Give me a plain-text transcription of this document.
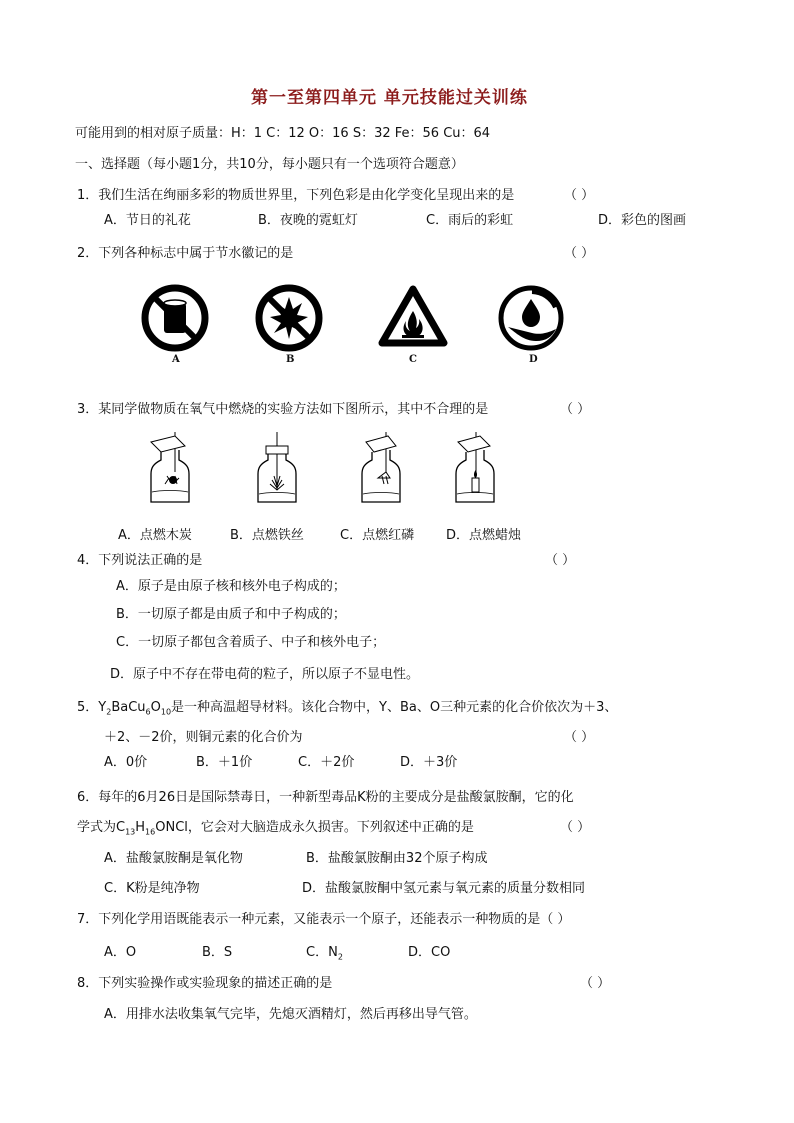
第一至第四单元 单元技能过关训练
可能用到的相对原子质量：H：1 C：12 O：16 S：32 Fe：56 Cu：64
一、选择题（每小题1分，共10分，每小题只有一个选项符合题意）
1．我们生活在绚丽多彩的物质世界里，下列色彩是由化学变化呈现出来的是	（ ）
A．节日的礼花	B．夜晚的霓虹灯	C．雨后的彩虹	D．彩色的图画
2．下列各种标志中属于节水徽记的是	（ ）
A	B	C	D
3．某同学做物质在氧气中燃烧的实验方法如下图所示，其中不合理的是	（ ）
A．点燃木炭	B．点燃铁丝	C．点燃红磷 D．点燃蜡烛
4．下列说法正确的是	（ ）
A．原子是由原子核和核外电子构成的；
B．一切原子都是由质子和中子构成的；
C．一切原子都包含着质子、中子和核外电子；
D．原子中不存在带电荷的粒子，所以原子不显电性。
5．$Y_2BaCu_6O_{10}$是一种高温超导材料。该化合物中，Y、Ba、O三种元素的化合价依次为＋3、
＋2、－2价，则铜元素的化合价为	（ ）
A．0价	B．＋1价	C．＋2价	D．＋3价
6．每年的6月26日是国际禁毒日，一种新型毒品K粉的主要成分是盐酸氯胺酮，它的化
学式为$C_{13}H_{16}ONCl$，它会对大脑造成永久损害。下列叙述中正确的是	（ ）
A．盐酸氯胺酮是氧化物	B．盐酸氯胺酮由32个原子构成
C．K粉是纯净物	D．盐酸氯胺酮中氢元素与氧元素的质量分数相同
7．下列化学用语既能表示一种元素，又能表示一个原子，还能表示一种物质的是（ ）
A．O	B．S	C．$N_2$	D．CO
8．下列实验操作或实验现象的描述正确的是	（ ）
A．用排水法收集氧气完毕，先熄灭酒精灯，然后再移出导气管。
